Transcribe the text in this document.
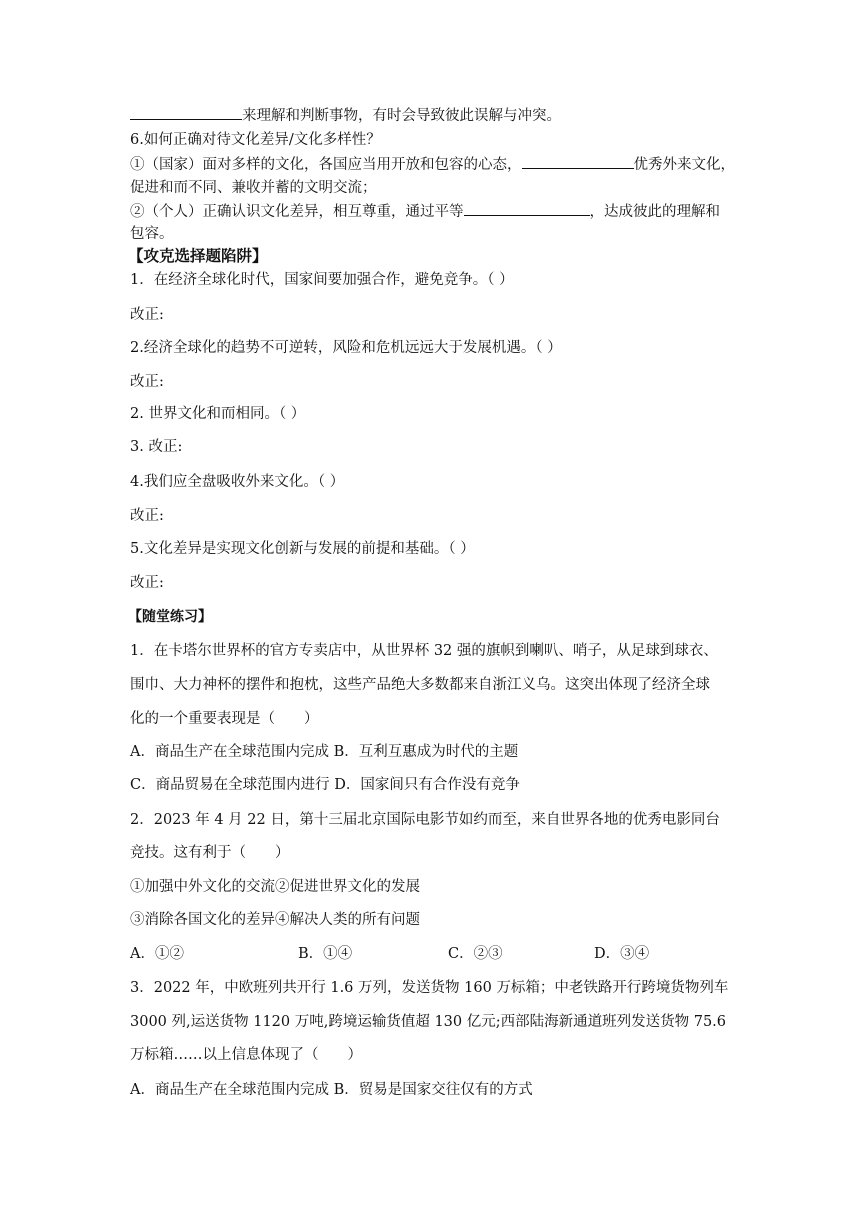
来理解和判断事物，有时会导致彼此误解与冲突。
6.如何正确对待文化差异/文化多样性？
①（国家）面对多样的文化，各国应当用开放和包容的心态，	优秀外来文化，
促进和而不同、兼收并蓄的文明交流；
②（个人）正确认识文化差异，相互尊重，通过平等	，达成彼此的理解和
包容。
【攻克选择题陷阱】
1．在经济全球化时代，国家间要加强合作，避免竞争。（ ）
改正:
2.经济全球化的趋势不可逆转，风险和危机远远大于发展机遇。（ ）
改正:
2. 世界文化和而相同。（ ）
3. 改正:
4.我们应全盘吸收外来文化。（ ）
改正:
5.文化差异是实现文化创新与发展的前提和基础。（ ）
改正:
【随堂练习】
1．在卡塔尔世界杯的官方专卖店中，从世界杯 32 强的旗帜到喇叭、哨子，从足球到球衣、
围巾、大力神杯的摆件和抱枕，这些产品绝大多数都来自浙江义乌。这突出体现了经济全球
化的一个重要表现是（　　）
A．商品生产在全球范围内完成 B．互利互惠成为时代的主题
C．商品贸易在全球范围内进行 D．国家间只有合作没有竞争
2．2023 年 4 月 22 日，第十三届北京国际电影节如约而至，来自世界各地的优秀电影同台
竞技。这有利于（　　）
①加强中外文化的交流②促进世界文化的发展
③消除各国文化的差异④解决人类的所有问题
A．①②	B．①④	C．②③	D．③④
3．2022 年，中欧班列共开行 1.6 万列，发送货物 160 万标箱；中老铁路开行跨境货物列车
3000 列,运送货物 1120 万吨,跨境运输货值超 130 亿元;西部陆海新通道班列发送货物 75.6
万标箱……以上信息体现了（　　）
A．商品生产在全球范围内完成 B．贸易是国家交往仅有的方式
